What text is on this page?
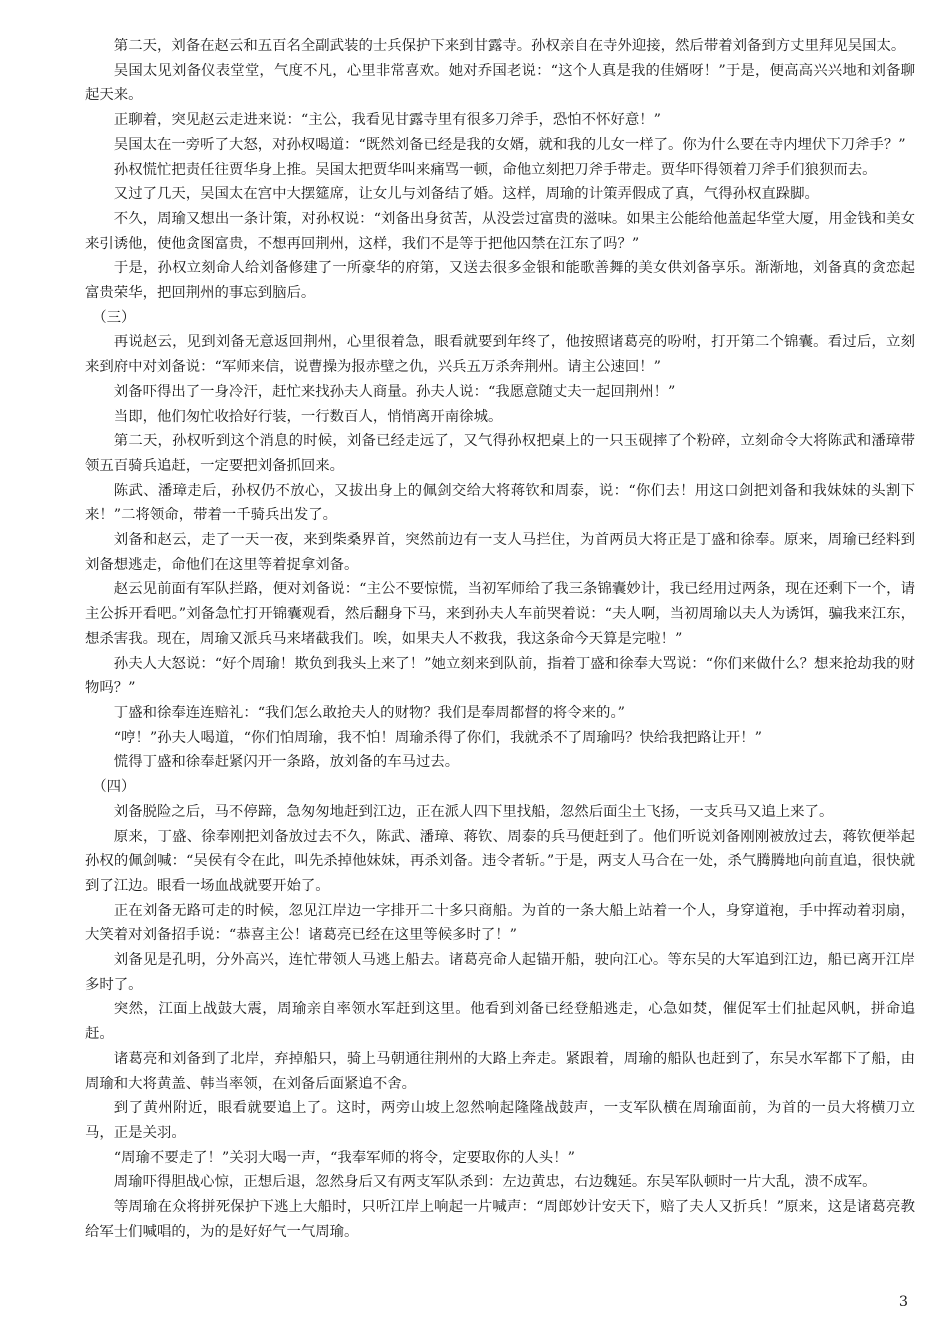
第二天，刘备在赵云和五百名全副武装的士兵保护下来到甘露寺。孙权亲自在寺外迎接，然后带着刘备到方丈里拜见吴国太。

吴国太见刘备仪表堂堂，气度不凡，心里非常喜欢。她对乔国老说：“这个人真是我的佳婿呀！”于是，便高高兴兴地和刘备聊起天来。

正聊着，突见赵云走进来说：“主公，我看见甘露寺里有很多刀斧手，恐怕不怀好意！”

吴国太在一旁听了大怒，对孙权喝道：“既然刘备已经是我的女婿，就和我的儿女一样了。你为什么要在寺内埋伏下刀斧手？”

孙权慌忙把责任往贾华身上推。吴国太把贾华叫来痛骂一顿，命他立刻把刀斧手带走。贾华吓得领着刀斧手们狼狈而去。

又过了几天，吴国太在宫中大摆筵席，让女儿与刘备结了婚。这样，周瑜的计策弄假成了真，气得孙权直跺脚。

不久，周瑜又想出一条计策，对孙权说：“刘备出身贫苦，从没尝过富贵的滋味。如果主公能给他盖起华堂大厦，用金钱和美女来引诱他，使他贪图富贵，不想再回荆州，这样，我们不是等于把他囚禁在江东了吗？”

于是，孙权立刻命人给刘备修建了一所豪华的府第，又送去很多金银和能歌善舞的美女供刘备享乐。渐渐地，刘备真的贪恋起富贵荣华，把回荆州的事忘到脑后。

（三）

再说赵云，见到刘备无意返回荆州，心里很着急，眼看就要到年终了，他按照诸葛亮的吩咐，打开第二个锦囊。看过后，立刻来到府中对刘备说：“军师来信，说曹操为报赤壁之仇，兴兵五万杀奔荆州。请主公速回！”

刘备吓得出了一身冷汗，赶忙来找孙夫人商量。孙夫人说：“我愿意随丈夫一起回荆州！”

当即，他们匆忙收拾好行装，一行数百人，悄悄离开南徐城。

第二天，孙权听到这个消息的时候，刘备已经走远了，又气得孙权把桌上的一只玉砚摔了个粉碎，立刻命令大将陈武和潘璋带领五百骑兵追赶，一定要把刘备抓回来。

陈武、潘璋走后，孙权仍不放心，又拔出身上的佩剑交给大将蒋钦和周泰，说：“你们去！用这口剑把刘备和我妹妹的头割下来！”二将领命，带着一千骑兵出发了。

刘备和赵云，走了一天一夜，来到柴桑界首，突然前边有一支人马拦住，为首两员大将正是丁盛和徐奉。原来，周瑜已经料到刘备想逃走，命他们在这里等着捉拿刘备。

赵云见前面有军队拦路，便对刘备说：“主公不要惊慌，当初军师给了我三条锦囊妙计，我已经用过两条，现在还剩下一个，请主公拆开看吧。”刘备急忙打开锦囊观看，然后翻身下马，来到孙夫人车前哭着说：“夫人啊，当初周瑜以夫人为诱饵，骗我来江东，想杀害我。现在，周瑜又派兵马来堵截我们。唉，如果夫人不救我，我这条命今天算是完啦！”

孙夫人大怒说：“好个周瑜！欺负到我头上来了！”她立刻来到队前，指着丁盛和徐奉大骂说：“你们来做什么？想来抢劫我的财物吗？”

丁盛和徐奉连连赔礼：“我们怎么敢抢夫人的财物？我们是奉周都督的将令来的。”

“哼！”孙夫人喝道，“你们怕周瑜，我不怕！周瑜杀得了你们，我就杀不了周瑜吗？快给我把路让开！”

慌得丁盛和徐奉赶紧闪开一条路，放刘备的车马过去。

（四）

刘备脱险之后，马不停蹄，急匆匆地赶到江边，正在派人四下里找船，忽然后面尘土飞扬，一支兵马又追上来了。

原来，丁盛、徐奉刚把刘备放过去不久，陈武、潘璋、蒋钦、周泰的兵马便赶到了。他们听说刘备刚刚被放过去，蒋钦便举起孙权的佩剑喊：“吴侯有令在此，叫先杀掉他妹妹，再杀刘备。违令者斩。”于是，两支人马合在一处，杀气腾腾地向前直追，很快就到了江边。眼看一场血战就要开始了。

正在刘备无路可走的时候，忽见江岸边一字排开二十多只商船。为首的一条大船上站着一个人，身穿道袍，手中挥动着羽扇，大笑着对刘备招手说：“恭喜主公！诸葛亮已经在这里等候多时了！”

刘备见是孔明，分外高兴，连忙带领人马逃上船去。诸葛亮命人起锚开船，驶向江心。等东吴的大军追到江边，船已离开江岸多时了。

突然，江面上战鼓大震，周瑜亲自率领水军赶到这里。他看到刘备已经登船逃走，心急如焚，催促军士们扯起风帆，拼命追赶。

诸葛亮和刘备到了北岸，弃掉船只，骑上马朝通往荆州的大路上奔走。紧跟着，周瑜的船队也赶到了，东吴水军都下了船，由周瑜和大将黄盖、韩当率领，在刘备后面紧追不舍。

到了黄州附近，眼看就要追上了。这时，两旁山坡上忽然响起隆隆战鼓声，一支军队横在周瑜面前，为首的一员大将横刀立马，正是关羽。

“周瑜不要走了！”关羽大喝一声，“我奉军师的将令，定要取你的人头！”

周瑜吓得胆战心惊，正想后退，忽然身后又有两支军队杀到：左边黄忠，右边魏延。东吴军队顿时一片大乱，溃不成军。

等周瑜在众将拼死保护下逃上大船时，只听江岸上响起一片喊声：“周郎妙计安天下，赔了夫人又折兵！”原来，这是诸葛亮教给军士们喊唱的，为的是好好气一气周瑜。

3
